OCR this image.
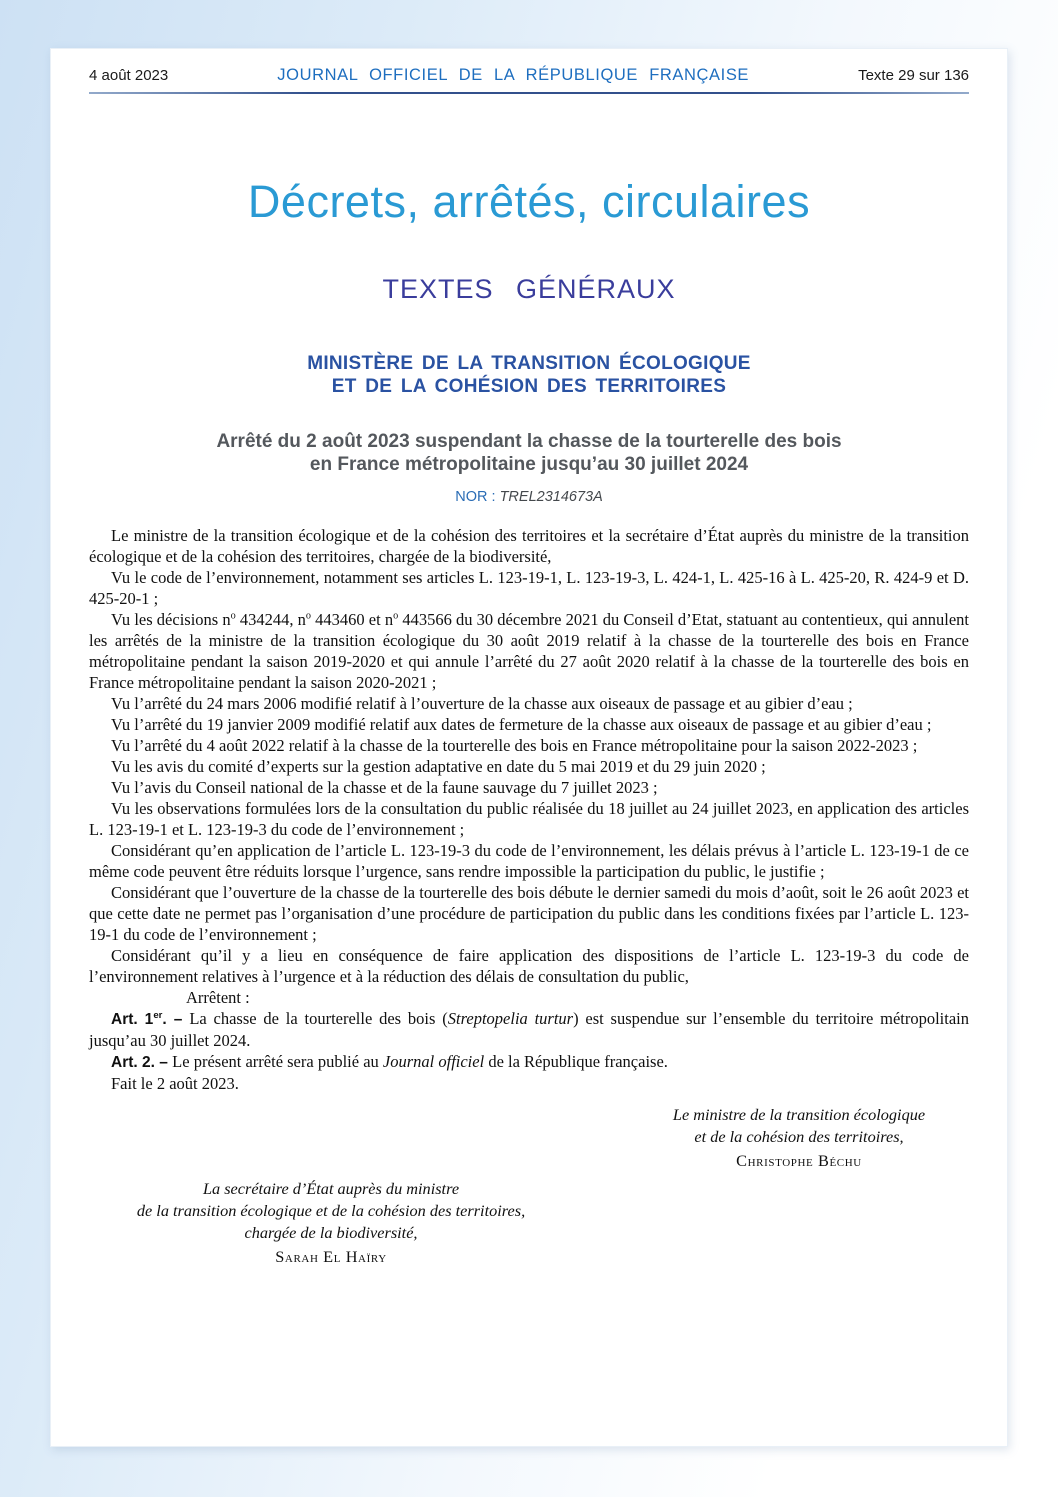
4 août 2023	JOURNAL OFFICIEL DE LA RÉPUBLIQUE FRANÇAISE	Texte 29 sur 136
Décrets, arrêtés, circulaires
TEXTES GÉNÉRAUX
MINISTÈRE DE LA TRANSITION ÉCOLOGIQUE
ET DE LA COHÉSION DES TERRITOIRES
Arrêté du 2 août 2023 suspendant la chasse de la tourterelle des bois
en France métropolitaine jusqu’au 30 juillet 2024
NOR : TREL2314673A

Le ministre de la transition écologique et de la cohésion des territoires et la secrétaire d’État auprès du ministre de la transition écologique et de la cohésion des territoires, chargée de la biodiversité,

Vu le code de l’environnement, notamment ses articles L. 123-19-1, L. 123-19-3, L. 424-1, L. 425-16 à L. 425-20, R. 424-9 et D. 425-20-1 ;

Vu les décisions $n^o$ 434244, $n^o$ 443460 et $n^o$ 443566 du 30 décembre 2021 du Conseil d’Etat, statuant au contentieux, qui annulent les arrêtés de la ministre de la transition écologique du 30 août 2019 relatif à la chasse de la tourterelle des bois en France métropolitaine pendant la saison 2019-2020 et qui annule l’arrêté du 27 août 2020 relatif à la chasse de la tourterelle des bois en France métropolitaine pendant la saison 2020-2021 ;

Vu l’arrêté du 24 mars 2006 modifié relatif à l’ouverture de la chasse aux oiseaux de passage et au gibier d’eau ;

Vu l’arrêté du 19 janvier 2009 modifié relatif aux dates de fermeture de la chasse aux oiseaux de passage et au gibier d’eau ;

Vu l’arrêté du 4 août 2022 relatif à la chasse de la tourterelle des bois en France métropolitaine pour la saison 2022-2023 ;

Vu les avis du comité d’experts sur la gestion adaptative en date du 5 mai 2019 et du 29 juin 2020 ;

Vu l’avis du Conseil national de la chasse et de la faune sauvage du 7 juillet 2023 ;

Vu les observations formulées lors de la consultation du public réalisée du 18 juillet au 24 juillet 2023, en application des articles L. 123-19-1 et L. 123-19-3 du code de l’environnement ;

Considérant qu’en application de l’article L. 123-19-3 du code de l’environnement, les délais prévus à l’article L. 123-19-1 de ce même code peuvent être réduits lorsque l’urgence, sans rendre impossible la participation du public, le justifie ;

Considérant que l’ouverture de la chasse de la tourterelle des bois débute le dernier samedi du mois d’août, soit le 26 août 2023 et que cette date ne permet pas l’organisation d’une procédure de participation du public dans les conditions fixées par l’article L. 123-19-1 du code de l’environnement ;

Considérant qu’il y a lieu en conséquence de faire application des dispositions de l’article L. 123-19-3 du code de l’environnement relatives à l’urgence et à la réduction des délais de consultation du public,

Arrêtent :

Art. 1er. – La chasse de la tourterelle des bois (Streptopelia turtur) est suspendue sur l’ensemble du territoire métropolitain jusqu’au 30 juillet 2024.

Art. 2. – Le présent arrêté sera publié au Journal officiel de la République française.

Fait le 2 août 2023.

Le ministre de la transition écologique
et de la cohésion des territoires,
Christophe Béchu
La secrétaire d’État auprès du ministre
de la transition écologique et de la cohésion des territoires,
chargée de la biodiversité,
Sarah El Haïry
